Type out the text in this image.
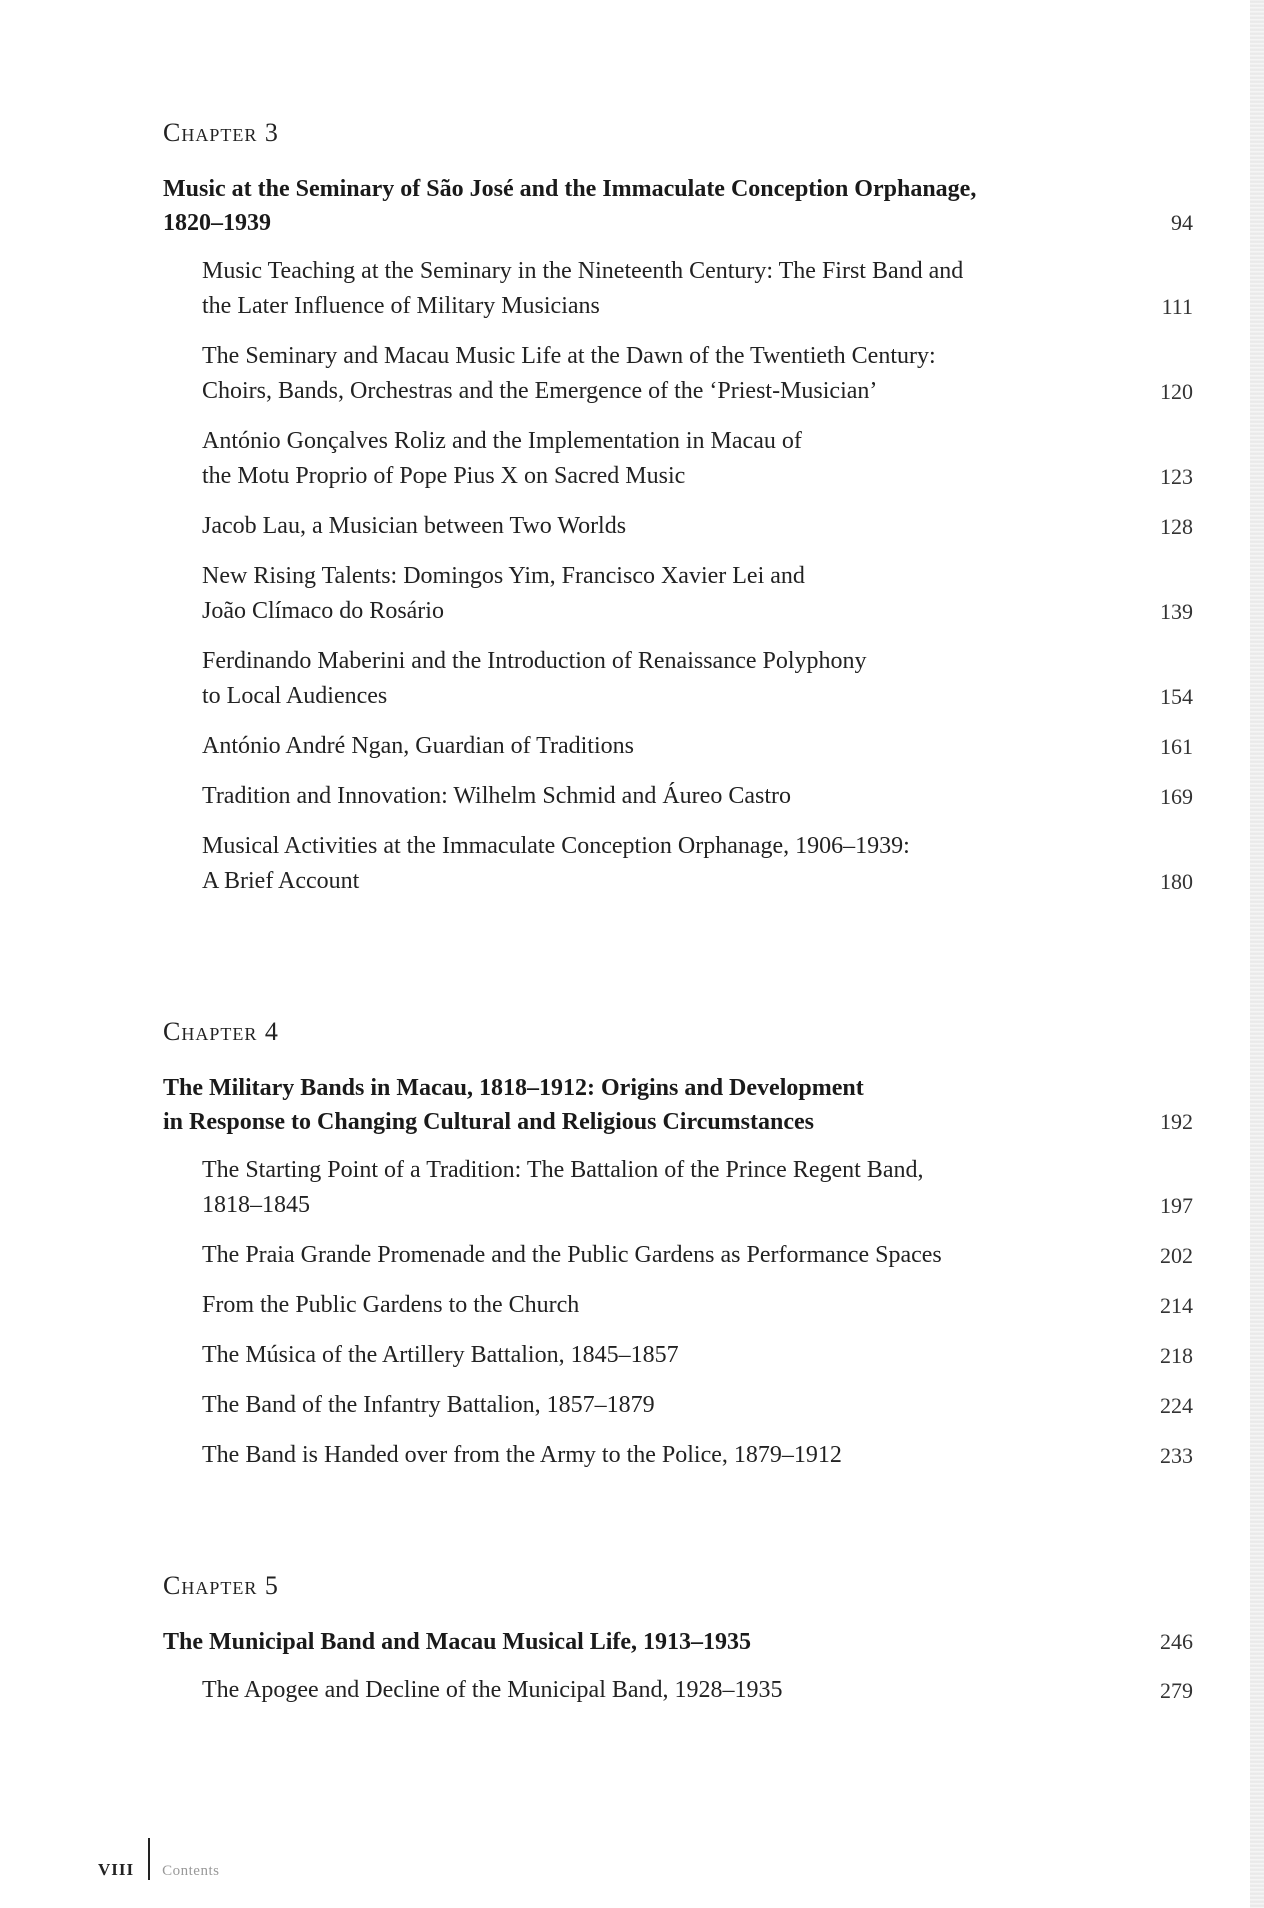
Chapter 3
Music at the Seminary of São José and the Immaculate Conception Orphanage,
1820–1939	94
Music Teaching at the Seminary in the Nineteenth Century: The First Band and
the Later Influence of Military Musicians	111
The Seminary and Macau Music Life at the Dawn of the Twentieth Century:
Choirs, Bands, Orchestras and the Emergence of the ‘Priest-Musician’	120
António Gonçalves Roliz and the Implementation in Macau of
the Motu Proprio of Pope Pius X on Sacred Music	123
Jacob Lau, a Musician between Two Worlds	128
New Rising Talents: Domingos Yim, Francisco Xavier Lei and
João Clímaco do Rosário	139
Ferdinando Maberini and the Introduction of Renaissance Polyphony
to Local Audiences	154
António André Ngan, Guardian of Traditions	161
Tradition and Innovation: Wilhelm Schmid and Áureo Castro	169
Musical Activities at the Immaculate Conception Orphanage, 1906–1939:
A Brief Account	180
Chapter 4
The Military Bands in Macau, 1818–1912: Origins and Development
in Response to Changing Cultural and Religious Circumstances	192
The Starting Point of a Tradition: The Battalion of the Prince Regent Band,
1818–1845	197
The Praia Grande Promenade and the Public Gardens as Performance Spaces	202
From the Public Gardens to the Church	214
The Música of the Artillery Battalion, 1845–1857	218
The Band of the Infantry Battalion, 1857–1879	224
The Band is Handed over from the Army to the Police, 1879–1912	233
Chapter 5
The Municipal Band and Macau Musical Life, 1913–1935	246
The Apogee and Decline of the Municipal Band, 1928–1935	279
VIII Contents
